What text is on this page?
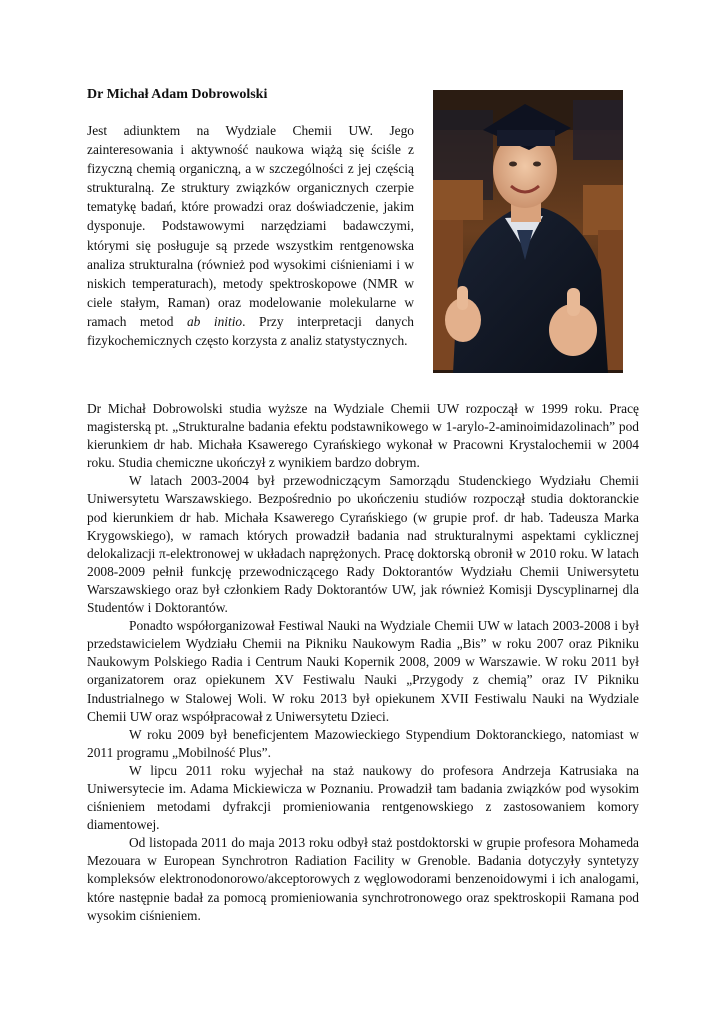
Dr Michał Adam Dobrowolski
Jest adiunktem na Wydziale Chemii UW. Jego zainteresowania i aktywność naukowa wiążą się ściśle z fizyczną chemią organiczną, a w szczególności z jej częścią strukturalną. Ze struktury związków organicznych czerpie tematykę badań, które prowadzi oraz doświadczenie, jakim dysponuje. Podstawowymi narzędziami badawczymi, którymi się posługuje są przede wszystkim rentgenowska analiza strukturalna (również pod wysokimi ciśnieniami i w niskich temperaturach), metody spektroskopowe (NMR w ciele stałym, Raman) oraz modelowanie molekularne w ramach metod ab initio. Przy interpretacji danych fizykochemicznych często korzysta z analiz statystycznych.

Dr Michał Dobrowolski studia wyższe na Wydziale Chemii UW rozpoczął w 1999 roku. Pracę magisterską pt. „Strukturalne badania efektu podstawnikowego w 1-arylo-2-aminoimidazolinach” pod kierunkiem dr hab. Michała Ksawerego Cyrańskiego wykonał w Pracowni Krystalochemii w 2004 roku. Studia chemiczne ukończył z wynikiem bardzo dobrym.

W latach 2003-2004 był przewodniczącym Samorządu Studenckiego Wydziału Chemii Uniwersytetu Warszawskiego. Bezpośrednio po ukończeniu studiów rozpoczął studia doktoranckie pod kierunkiem dr hab. Michała Ksawerego Cyrańskiego (w grupie prof. dr hab. Tadeusza Marka Krygowskiego), w ramach których prowadził badania nad strukturalnymi aspektami cyklicznej delokalizacji π-elektronowej w układach naprężonych. Pracę doktorską obronił w 2010 roku. W latach 2008-2009 pełnił funkcję przewodniczącego Rady Doktorantów Wydziału Chemii Uniwersytetu Warszawskiego oraz był członkiem Rady Doktorantów UW, jak również Komisji Dyscyplinarnej dla Studentów i Doktorantów.

Ponadto współorganizował Festiwal Nauki na Wydziale Chemii UW w latach 2003-2008 i był przedstawicielem Wydziału Chemii na Pikniku Naukowym Radia „Bis” w roku 2007 oraz Pikniku Naukowym Polskiego Radia i Centrum Nauki Kopernik 2008, 2009 w Warszawie. W roku 2011 był organizatorem oraz opiekunem XV Festiwalu Nauki „Przygody z chemią” oraz IV Pikniku Industrialnego w Stalowej Woli. W roku 2013 był opiekunem XVII Festiwalu Nauki na Wydziale Chemii UW oraz współpracował z Uniwersytetu Dzieci.

W roku 2009 był beneficjentem Mazowieckiego Stypendium Doktoranckiego, natomiast w 2011 programu „Mobilność Plus”.

W lipcu 2011 roku wyjechał na staż naukowy do profesora Andrzeja Katrusiaka na Uniwersytecie im. Adama Mickiewicza w Poznaniu. Prowadził tam badania związków pod wysokim ciśnieniem metodami dyfrakcji promieniowania rentgenowskiego z zastosowaniem komory diamentowej.

Od listopada 2011 do maja 2013 roku odbył staż postdoktorski w grupie profesora Mohameda Mezouara w European Synchrotron Radiation Facility w Grenoble. Badania dotyczyły syntetyzy kompleksów elektronodonorowo/akceptorowych z węglowodorami benzenoidowymi i ich analogami, które następnie badał za pomocą promieniowania synchrotronowego oraz spektroskopii Ramana pod wysokim ciśnieniem.
